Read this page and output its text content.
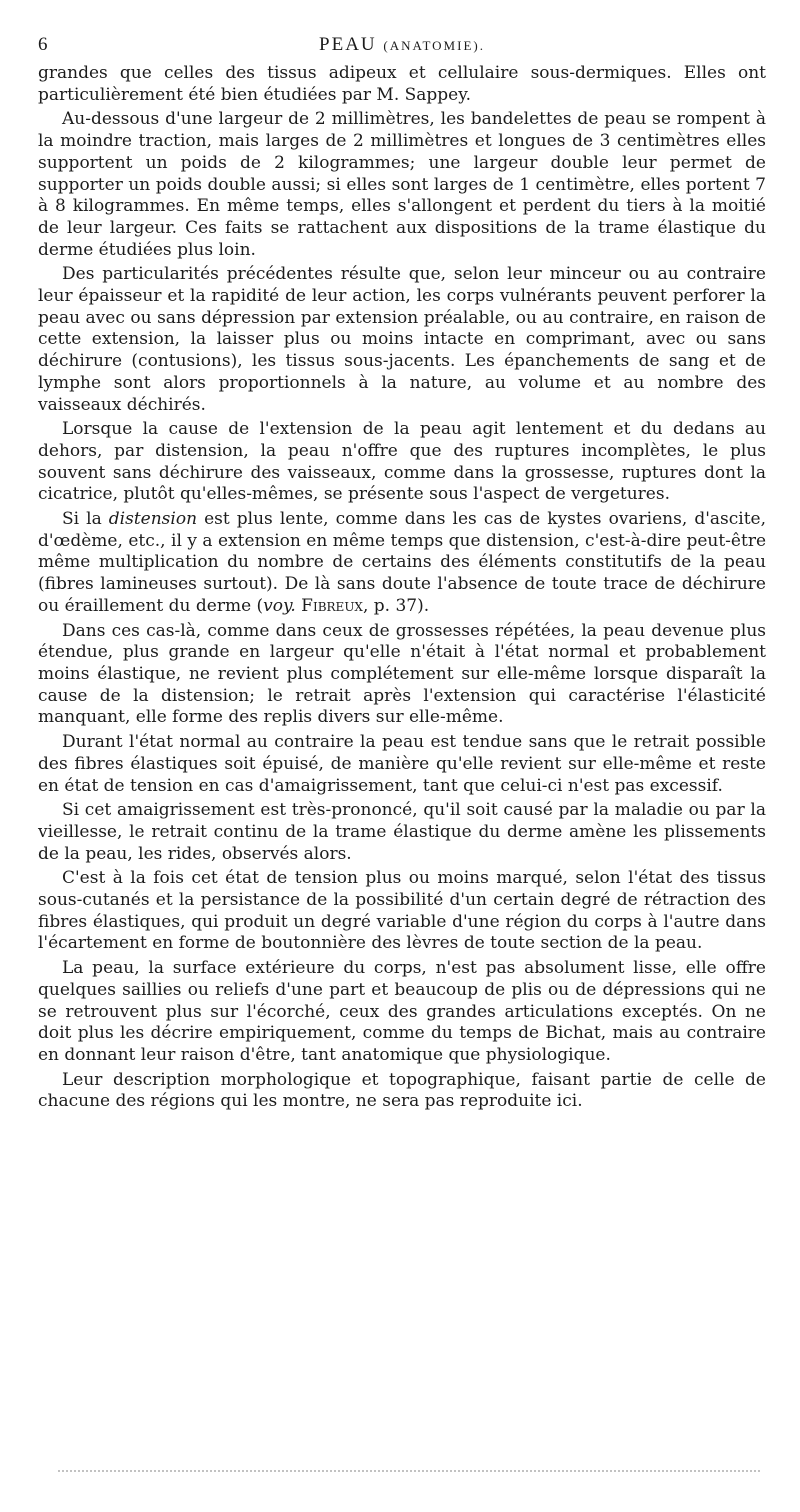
6	PEAU (ANATOMIE).

grandes que celles des tissus adipeux et cellulaire sous-dermiques. Elles ont particulièrement été bien étudiées par M. Sappey.

Au-dessous d'une largeur de 2 millimètres, les bandelettes de peau se rompent à la moindre traction, mais larges de 2 millimètres et longues de 3 centimètres elles supportent un poids de 2 kilogrammes; une largeur double leur permet de supporter un poids double aussi; si elles sont larges de 1 centimètre, elles portent 7 à 8 kilogrammes. En même temps, elles s'allongent et perdent du tiers à la moitié de leur largeur. Ces faits se rattachent aux dispositions de la trame élastique du derme étudiées plus loin.

Des particularités précédentes résulte que, selon leur minceur ou au contraire leur épaisseur et la rapidité de leur action, les corps vulnérants peuvent perforer la peau avec ou sans dépression par extension préalable, ou au contraire, en raison de cette extension, la laisser plus ou moins intacte en comprimant, avec ou sans déchirure (contusions), les tissus sous-jacents. Les épanchements de sang et de lymphe sont alors proportionnels à la nature, au volume et au nombre des vaisseaux déchirés.

Lorsque la cause de l'extension de la peau agit lentement et du dedans au dehors, par distension, la peau n'offre que des ruptures incomplètes, le plus souvent sans déchirure des vaisseaux, comme dans la grossesse, ruptures dont la cicatrice, plutôt qu'elles-mêmes, se présente sous l'aspect de vergetures.

Si la distension est plus lente, comme dans les cas de kystes ovariens, d'ascite, d'œdème, etc., il y a extension en même temps que distension, c'est-à-dire peut-être même multiplication du nombre de certains des éléments constitutifs de la peau (fibres lamineuses surtout). De là sans doute l'absence de toute trace de déchirure ou éraillement du derme (voy. Fibreux, p. 37).

Dans ces cas-là, comme dans ceux de grossesses répétées, la peau devenue plus étendue, plus grande en largeur qu'elle n'était à l'état normal et probablement moins élastique, ne revient plus complétement sur elle-même lorsque disparaît la cause de la distension; le retrait après l'extension qui caractérise l'élasticité manquant, elle forme des replis divers sur elle-même.

Durant l'état normal au contraire la peau est tendue sans que le retrait possible des fibres élastiques soit épuisé, de manière qu'elle revient sur elle-même et reste en état de tension en cas d'amaigrissement, tant que celui-ci n'est pas excessif.

Si cet amaigrissement est très-prononcé, qu'il soit causé par la maladie ou par la vieillesse, le retrait continu de la trame élastique du derme amène les plissements de la peau, les rides, observés alors.

C'est à la fois cet état de tension plus ou moins marqué, selon l'état des tissus sous-cutanés et la persistance de la possibilité d'un certain degré de rétraction des fibres élastiques, qui produit un degré variable d'une région du corps à l'autre dans l'écartement en forme de boutonnière des lèvres de toute section de la peau.

La peau, la surface extérieure du corps, n'est pas absolument lisse, elle offre quelques saillies ou reliefs d'une part et beaucoup de plis ou de dépressions qui ne se retrouvent plus sur l'écorché, ceux des grandes articulations exceptés. On ne doit plus les décrire empiriquement, comme du temps de Bichat, mais au contraire en donnant leur raison d'être, tant anatomique que physiologique.

Leur description morphologique et topographique, faisant partie de celle de chacune des régions qui les montre, ne sera pas reproduite ici.
